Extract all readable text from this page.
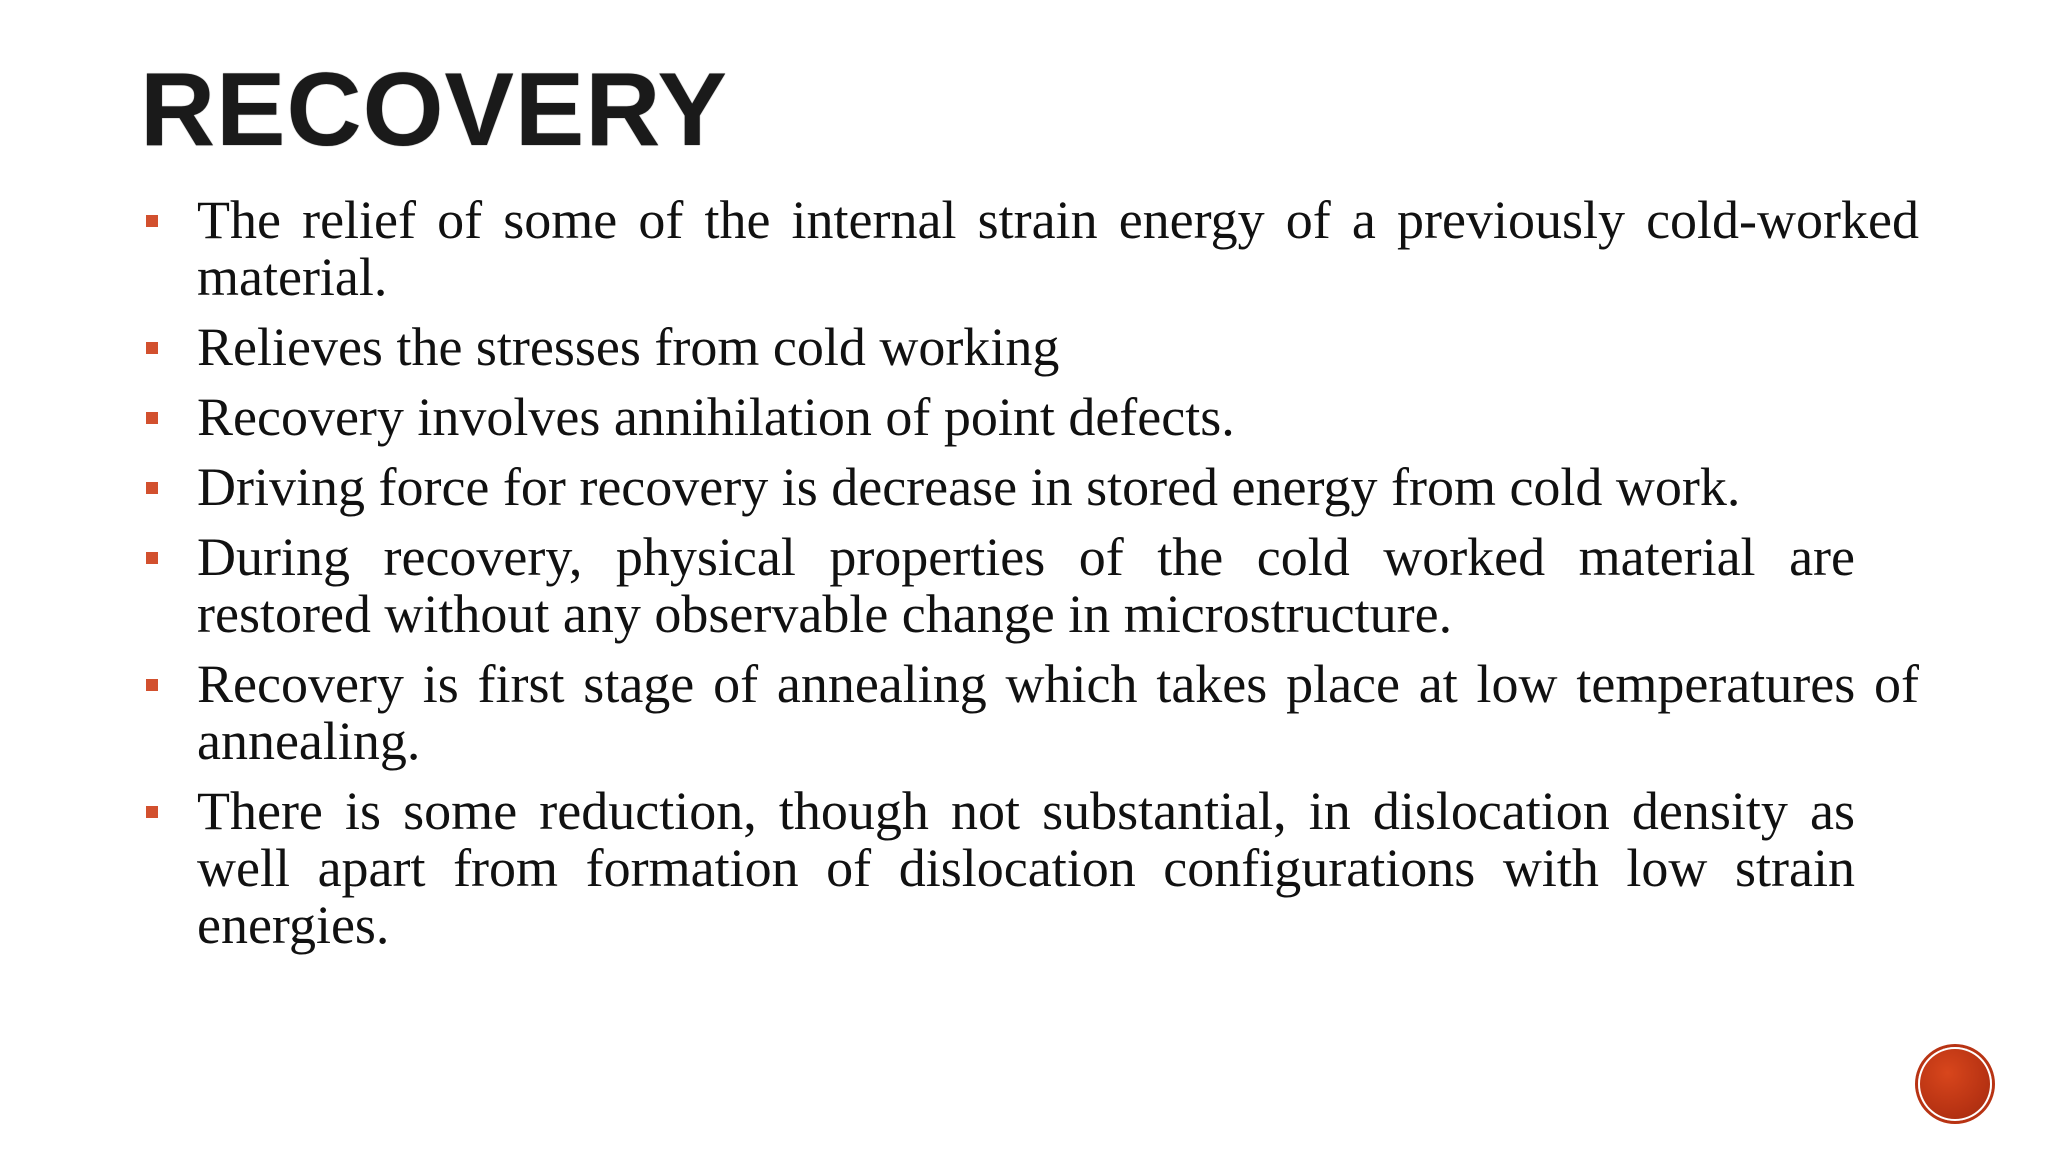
RECOVERY
The relief of some of the internal strain energy of a previously cold-worked material.
Relieves the stresses from cold working
Recovery involves annihilation of point defects.
Driving force for recovery is decrease in stored energy from cold work.
During recovery, physical properties of the cold worked material are restored without any observable change in microstructure.
Recovery is first stage of annealing which takes place at low temperatures of annealing.
There is some reduction, though not substantial, in dislocation density as well apart from formation of dislocation configurations with low strain energies.
